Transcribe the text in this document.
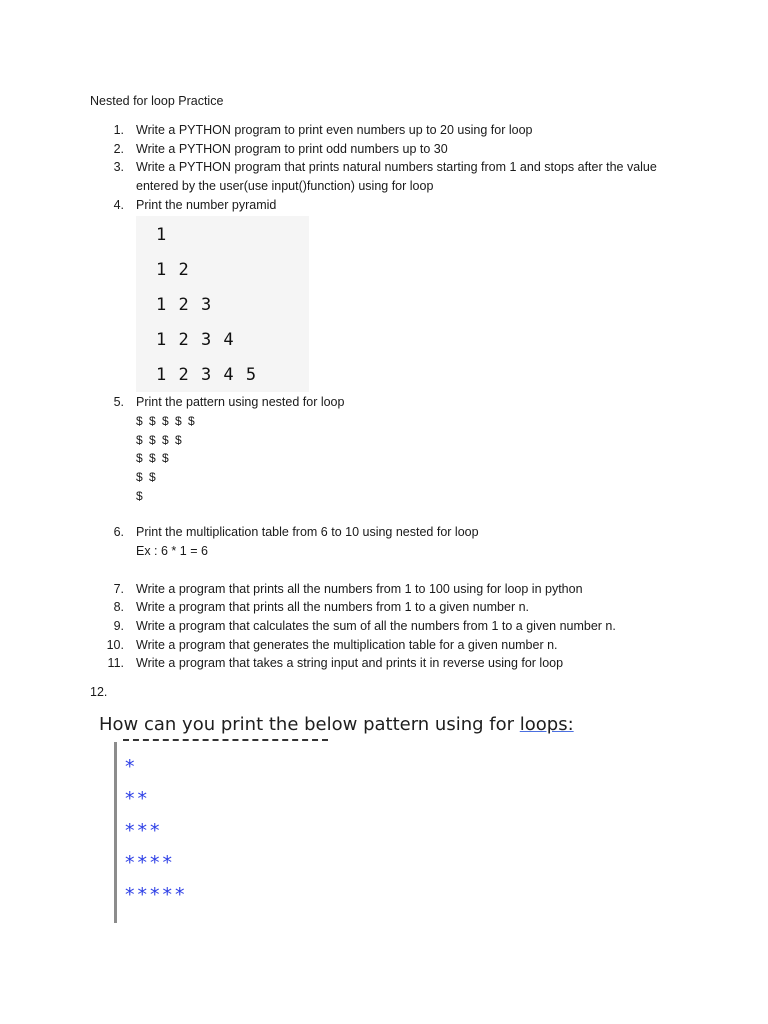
Nested for loop Practice
1. Write a PYTHON program to print even numbers up to 20 using for loop
2. Write a PYTHON program to print odd numbers up to 30
3. Write a PYTHON program that prints natural numbers starting from 1 and stops after the value
entered by the user(use input()function) using for loop
4. Print the number pyramid
1
1 2
1 2 3
1 2 3 4
1 2 3 4 5
5. Print the pattern using nested for loop
$ $ $ $ $
$ $ $ $
$ $ $
$ $
$
6. Print the multiplication table from 6 to 10 using nested for loop
Ex : 6 * 1 = 6
7. Write a program that prints all the numbers from 1 to 100 using for loop in python
8. Write a program that prints all the numbers from 1 to a given number n.
9. Write a program that calculates the sum of all the numbers from 1 to a given number n.
10. Write a program that generates the multiplication table for a given number n.
11. Write a program that takes a string input and prints it in reverse using for loop
12.
How can you print the below pattern using for loops:
*
**
***
****
*****
